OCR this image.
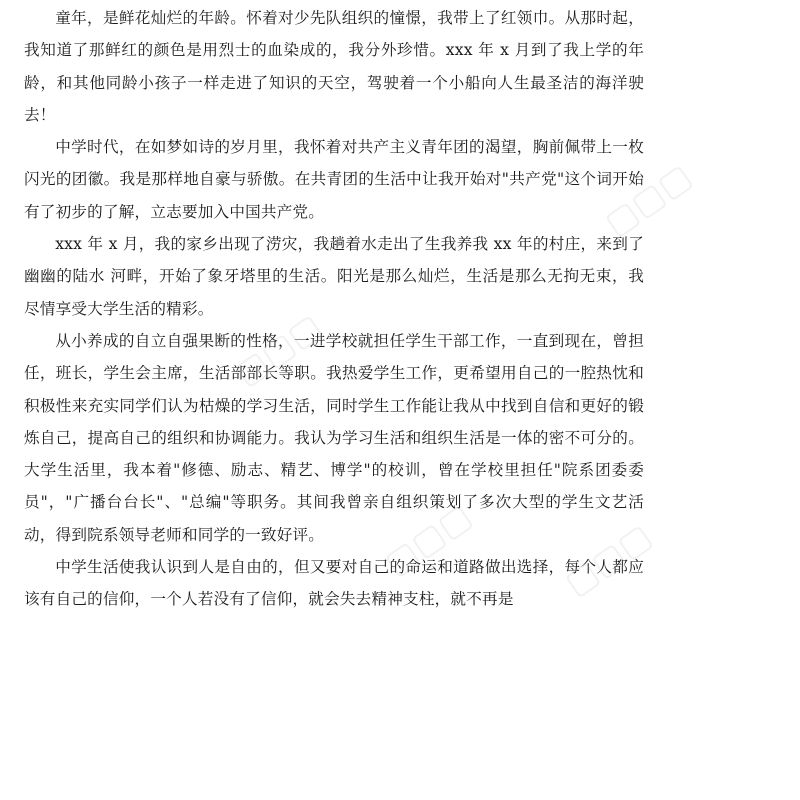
童年，是鲜花灿烂的年龄。怀着对少先队组织的憧憬，我带上了红领巾。从那时起，我知道了那鲜红的颜色是用烈士的血染成的，我分外珍惜。xxx 年 x 月到了我上学的年龄，和其他同龄小孩子一样走进了知识的天空，驾驶着一个小船向人生最圣洁的海洋驶去！

中学时代，在如梦如诗的岁月里，我怀着对共产主义青年团的渴望，胸前佩带上一枚闪光的团徽。我是那样地自豪与骄傲。在共青团的生活中让我开始对"共产党"这个词开始有了初步的了解，立志要加入中国共产党。

xxx 年 x 月，我的家乡出现了涝灾，我趟着水走出了生我养我 xx 年的村庄，来到了幽幽的陆水 河畔，开始了象牙塔里的生活。阳光是那么灿烂，生活是那么无拘无束，我尽情享受大学生活的精彩。

从小养成的自立自强果断的性格，一进学校就担任学生干部工作，一直到现在，曾担任，班长，学生会主席，生活部部长等职。我热爱学生工作，更希望用自己的一腔热忱和积极性来充实同学们认为枯燥的学习生活，同时学生工作能让我从中找到自信和更好的锻炼自己，提高自己的组织和协调能力。我认为学习生活和组织生活是一体的密不可分的。大学生活里，我本着"修德、励志、精艺、博学"的校训，曾在学校里担任"院系团委委员"，"广播台台长"、"总编"等职务。其间我曾亲自组织策划了多次大型的学生文艺活动，得到院系领导老师和同学的一致好评。

中学生活使我认识到人是自由的，但又要对自己的命运和道路做出选择，每个人都应该有自己的信仰，一个人若没有了信仰，就会失去精神支柱，就不再是

▢▢▢
▢▢▢ ▢▢▢
▢▢▢
